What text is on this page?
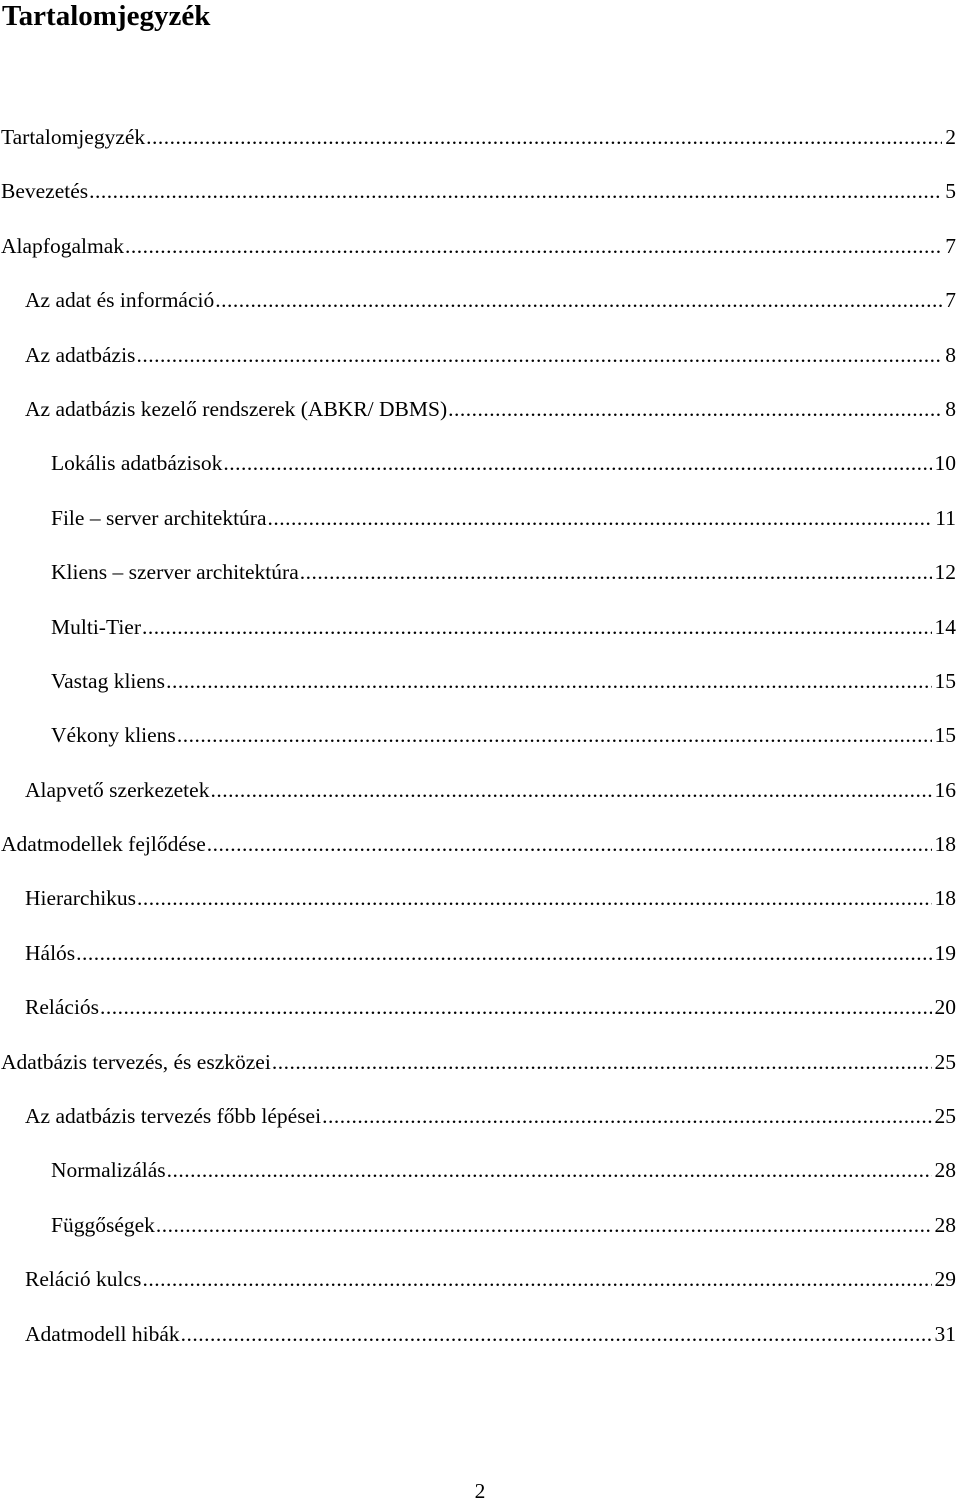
Tartalomjegyzék
Tartalomjegyzék .....	2
Bevezetés .....	5
Alapfogalmak .....	7
Az adat és információ .....	7
Az adatbázis .....	8
Az adatbázis kezelő rendszerek (ABKR/ DBMS) .....	8
Lokális adatbázisok .....	10
File – server architektúra .....	11
Kliens – szerver architektúra .....	12
Multi-Tier .....	14
Vastag kliens .....	15
Vékony kliens .....	15
Alapvető szerkezetek .....	16
Adatmodellek fejlődése .....	18
Hierarchikus .....	18
Hálós .....	19
Relációs .....	20
Adatbázis tervezés, és eszközei .....	25
Az adatbázis tervezés főbb lépései .....	25
Normalizálás .....	28
Függőségek .....	28
Reláció kulcs .....	29
Adatmodell hibák .....	31
2
